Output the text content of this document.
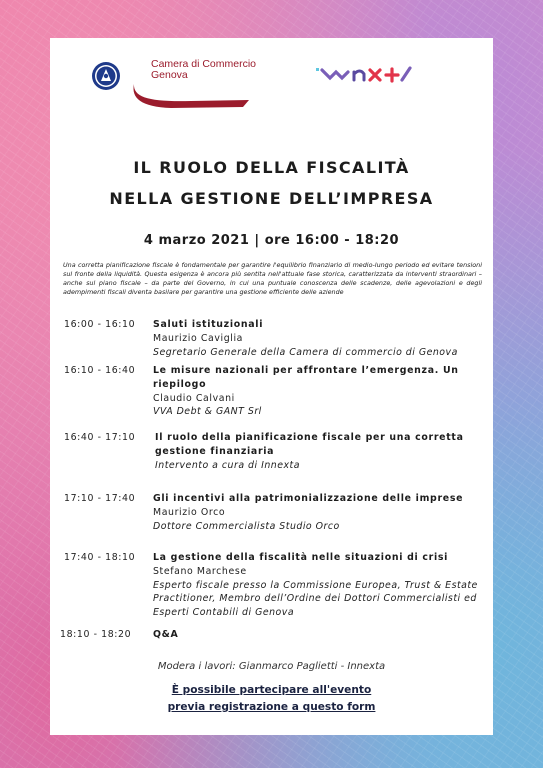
Camera di Commercio
Genova
IL RUOLO DELLA FISCALITÀ
NELLA GESTIONE DELL’IMPRESA
4 marzo 2021 | ore 16:00 - 18:20
Una corretta pianificazione fiscale è fondamentale per garantire l'equilibrio finanziario di medio-lungo periodo ed evitare tensioni sul fronte della liquidità. Questa esigenza è ancora più sentita nell'attuale fase storica, caratterizzata da interventi straordinari – anche sul piano fiscale – da parte del Governo, in cui una puntuale conoscenza delle scadenze, delle agevolazioni e degli adempimenti fiscali diventa basilare per garantire una gestione efficiente delle aziende
16:00 - 16:10 Saluti istituzionali
Maurizio Caviglia
Segretario Generale della Camera di commercio di Genova
16:10 - 16:40 Le misure nazionali per affrontare l’emergenza. Un riepilogo
Claudio Calvani
VVA Debt & GANT Srl
16:40 - 17:10 Il ruolo della pianificazione fiscale per una corretta gestione finanziaria
Intervento a cura di Innexta
17:10 - 17:40 Gli incentivi alla patrimonializzazione delle imprese
Maurizio Orco
Dottore Commercialista Studio Orco
17:40 - 18:10 La gestione della fiscalità nelle situazioni di crisi
Stefano Marchese
Esperto fiscale presso la Commissione Europea, Trust & Estate Practitioner, Membro dell’Ordine dei Dottori Commercialisti ed Esperti Contabili di Genova
18:10 - 18:20 Q&A
Modera i lavori: Gianmarco Paglietti - Innexta
È possibile partecipare all'evento
previa registrazione a questo form
